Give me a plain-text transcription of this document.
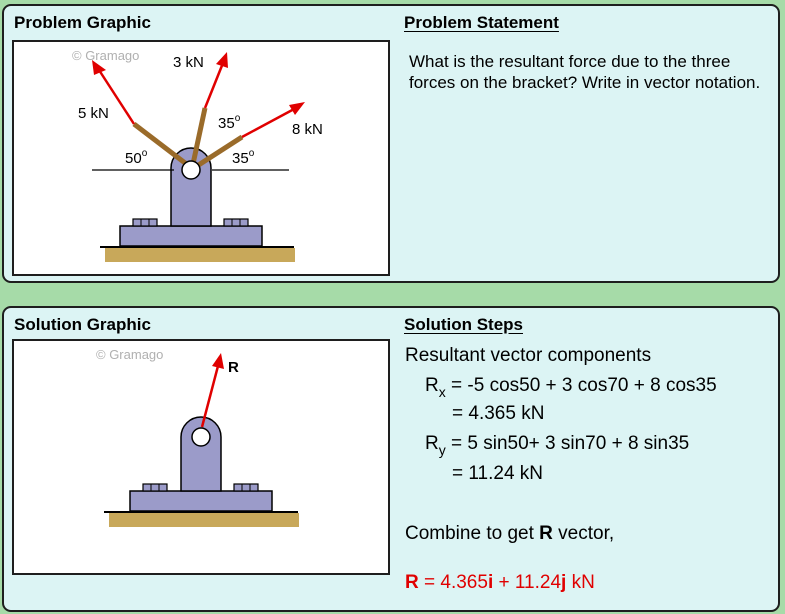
Problem Graphic	Problem Statement
© Gramago
5 kN
3 kN
8 kN
50$^o$
35$^o$
35$^o$
What is the resultant force due to the three forces on the bracket? Write in vector notation.
Solution Graphic	Solution Steps
© Gramago
R
Resultant vector components
$R_x = -5$ cos50 + 3 cos70 + 8 cos35
= 4.365 kN
$R_y = 5$ sin50+ 3 sin70 + 8 sin35
= 11.24 kN
Combine to get R vector,
R = 4.365i + 11.24j kN
